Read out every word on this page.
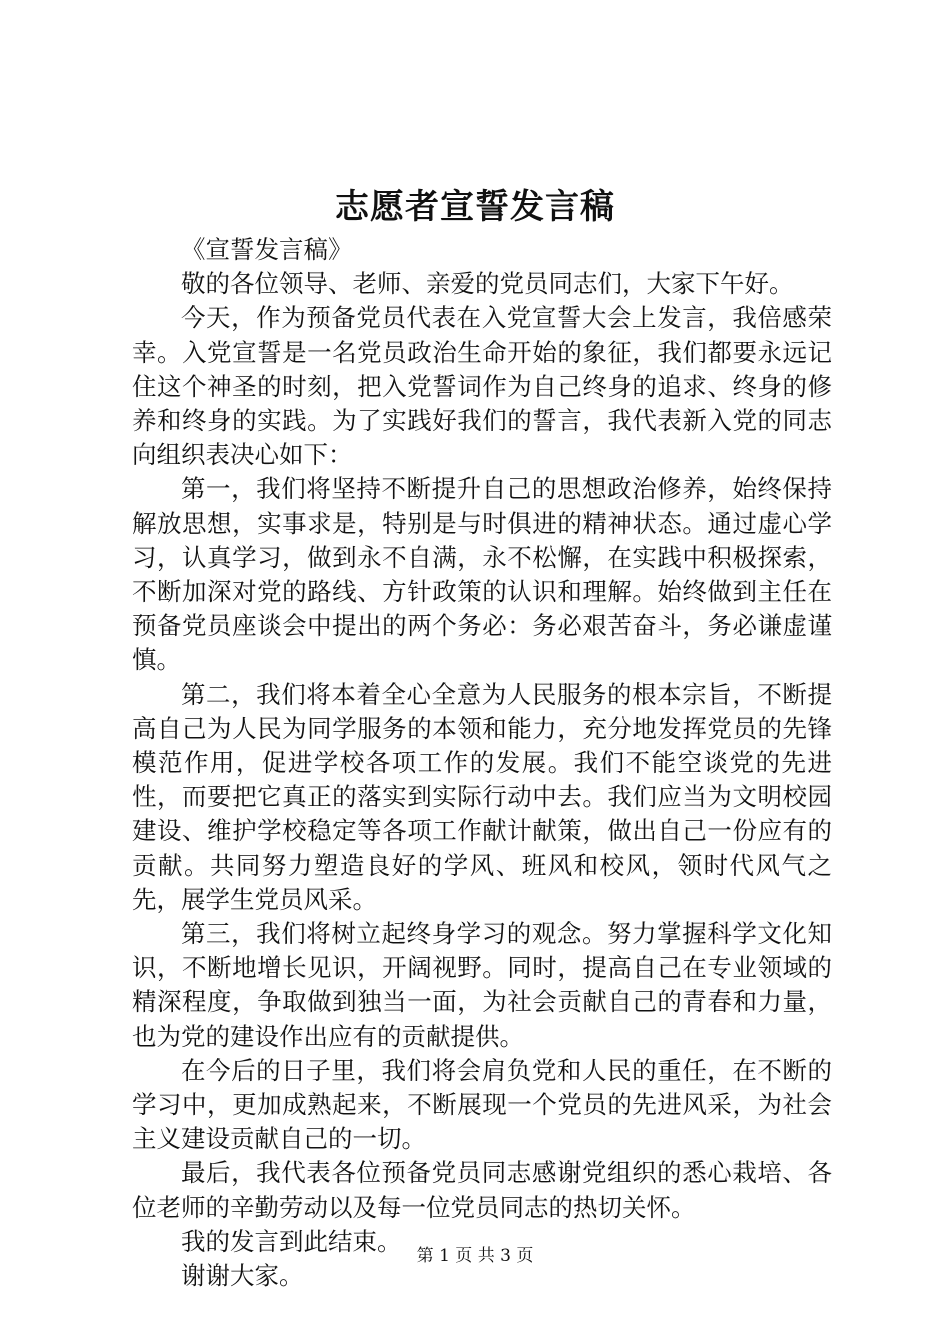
志愿者宣誓发言稿

《宣誓发言稿》

敬的各位领导、老师、亲爱的党员同志们，大家下午好。

今天，作为预备党员代表在入党宣誓大会上发言，我倍感荣幸。入党宣誓是一名党员政治生命开始的象征，我们都要永远记住这个神圣的时刻，把入党誓词作为自己终身的追求、终身的修养和终身的实践。为了实践好我们的誓言，我代表新入党的同志向组织表决心如下：

第一，我们将坚持不断提升自己的思想政治修养，始终保持解放思想，实事求是，特别是与时俱进的精神状态。通过虚心学习，认真学习，做到永不自满，永不松懈，在实践中积极探索，不断加深对党的路线、方针政策的认识和理解。始终做到主任在预备党员座谈会中提出的两个务必：务必艰苦奋斗，务必谦虚谨慎。

第二，我们将本着全心全意为人民服务的根本宗旨，不断提高自己为人民为同学服务的本领和能力，充分地发挥党员的先锋模范作用，促进学校各项工作的发展。我们不能空谈党的先进性，而要把它真正的落实到实际行动中去。我们应当为文明校园建设、维护学校稳定等各项工作献计献策，做出自己一份应有的贡献。共同努力塑造良好的学风、班风和校风，领时代风气之先，展学生党员风采。

第三，我们将树立起终身学习的观念。努力掌握科学文化知识，不断地增长见识，开阔视野。同时，提高自己在专业领域的精深程度，争取做到独当一面，为社会贡献自己的青春和力量，也为党的建设作出应有的贡献提供。

在今后的日子里，我们将会肩负党和人民的重任，在不断的学习中，更加成熟起来，不断展现一个党员的先进风采，为社会主义建设贡献自己的一切。

最后，我代表各位预备党员同志感谢党组织的悉心栽培、各位老师的辛勤劳动以及每一位党员同志的热切关怀。

我的发言到此结束。

谢谢大家。

第 1 页 共 3 页
